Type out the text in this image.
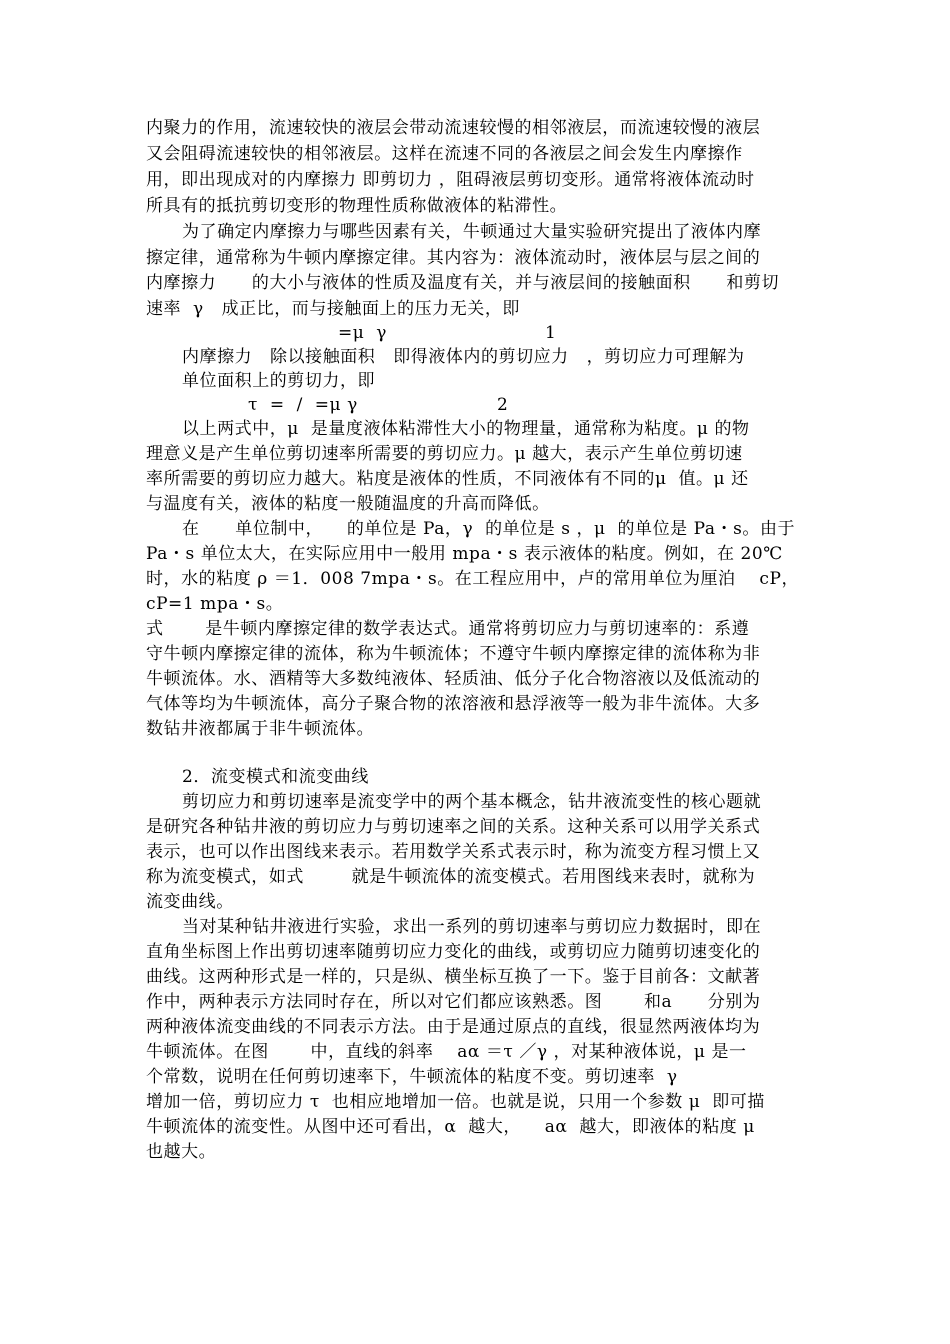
内聚力的作用，流速较快的液层会带动流速较慢的相邻液层，而流速较慢的液层
又会阻碍流速较快的相邻液层。这样在流速不同的各液层之间会发生内摩擦作
用，即出现成对的内摩擦力 即剪切力 ，阻碍液层剪切变形。通常将液体流动时
所具有的抵抗剪切变形的物理性质称做液体的粘滞性。
为了确定内摩擦力与哪些因素有关，牛顿通过大量实验研究提出了液体内摩
擦定律，通常称为牛顿内摩擦定律。其内容为：液体流动时，液体层与层之间的
内摩擦力      的大小与液体的性质及温度有关，并与液层间的接触面积      和剪切
速率  γ   成正比，而与接触面上的压力无关，即
=μ  γ	1
内摩擦力   除以接触面积   即得液体内的剪切应力   ，剪切应力可理解为
单位面积上的剪切力，即
τ  =  /  =μ γ	2
以上两式中，μ  是量度液体粘滞性大小的物理量，通常称为粘度。μ 的物
理意义是产生单位剪切速率所需要的剪切应力。μ 越大，表示产生单位剪切速
率所需要的剪切应力越大。粘度是液体的性质，不同液体有不同的μ  值。μ 还
与温度有关，液体的粘度一般随温度的升高而降低。
在      单位制中，    的单位是 Pa，γ  的单位是 s ，μ  的单位是 Pa・s。由于
Pa・s 单位太大，在实际应用中一般用 mpa・s 表示液体的粘度。例如，在 20℃
时，水的粘度 ρ ＝1．008 7mpa・s。在工程应用中，卢的常用单位为厘泊    cP，
cP=1 mpa・s。
式       是牛顿内摩擦定律的数学表达式。通常将剪切应力与剪切速率的：系遵
守牛顿内摩擦定律的流体，称为牛顿流体；不遵守牛顿内摩擦定律的流体称为非
牛顿流体。水、酒精等大多数纯液体、轻质油、低分子化合物溶液以及低流动的
气体等均为牛顿流体，高分子聚合物的浓溶液和悬浮液等一般为非牛流体。大多
数钻井液都属于非牛顿流体。
2．流变模式和流变曲线
剪切应力和剪切速率是流变学中的两个基本概念，钻井液流变性的核心题就
是研究各种钻井液的剪切应力与剪切速率之间的关系。这种关系可以用学关系式
表示，也可以作出图线来表示。若用数学关系式表示时，称为流变方程习惯上又
称为流变模式，如式        就是牛顿流体的流变模式。若用图线来表时，就称为
流变曲线。
当对某种钻井液进行实验，求出一系列的剪切速率与剪切应力数据时，即在
直角坐标图上作出剪切速率随剪切应力变化的曲线，或剪切应力随剪切速变化的
曲线。这两种形式是一样的，只是纵、横坐标互换了一下。鉴于目前各：文献著
作中，两种表示方法同时存在，所以对它们都应该熟悉。图       和a      分别为
两种液体流变曲线的不同表示方法。由于是通过原点的直线，很显然两液体均为
牛顿流体。在图       中，直线的斜率    aα ＝τ ／γ ，对某种液体说，μ 是一
个常数，说明在任何剪切速率下，牛顿流体的粘度不变。剪切速率  γ
增加一倍，剪切应力 τ  也相应地增加一倍。也就是说，只用一个参数 μ  即可描
牛顿流体的流变性。从图中还可看出，α  越大，    aα  越大，即液体的粘度 μ
也越大。
